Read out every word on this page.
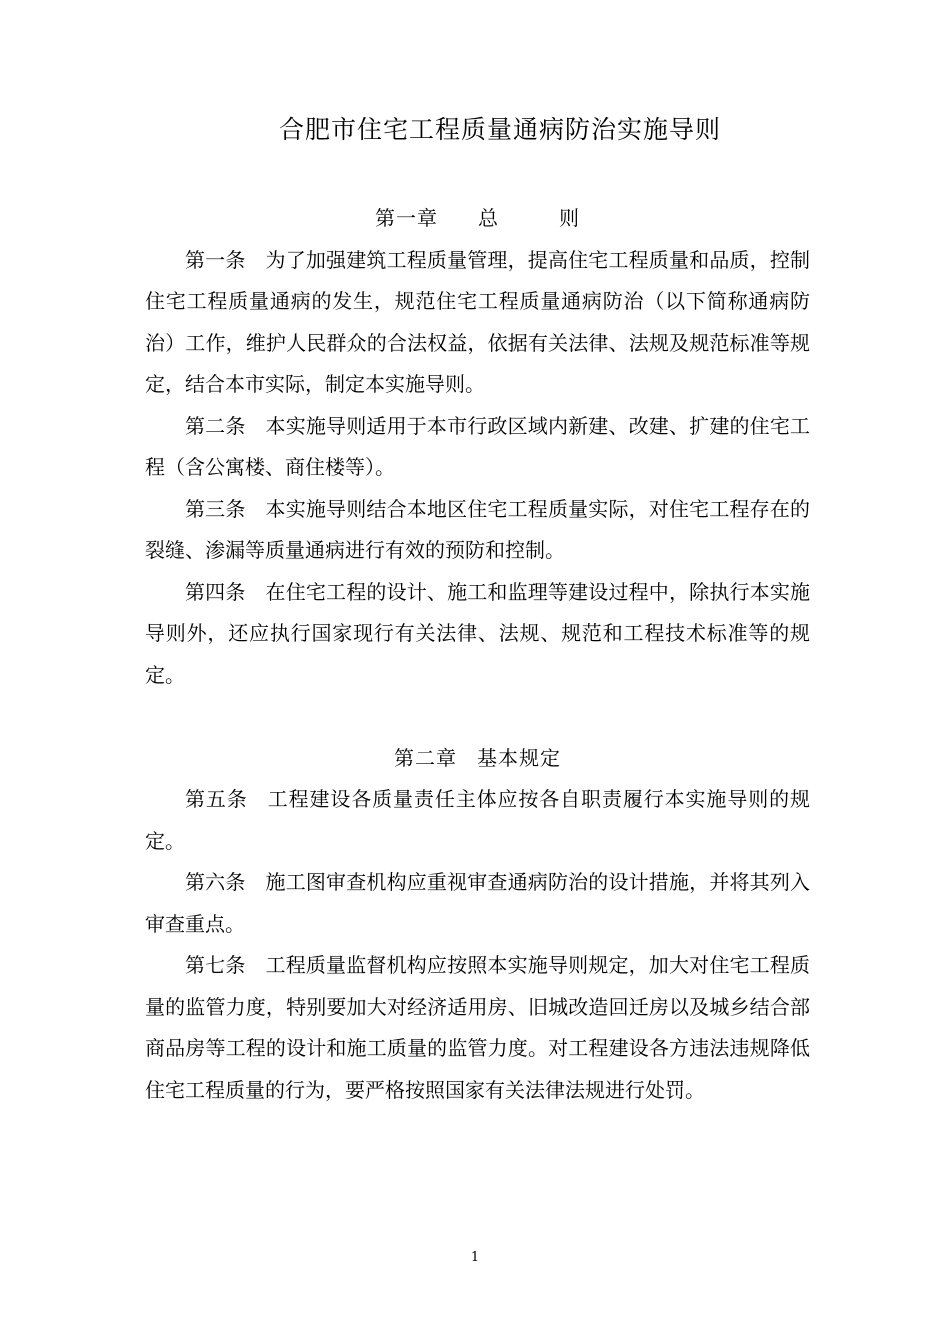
合肥市住宅工程质量通病防治实施导则
第一章 总	则

第一条 为了加强建筑工程质量管理，提高住宅工程质量和品质，控制住宅工程质量通病的发生，规范住宅工程质量通病防治（以下简称通病防治）工作，维护人民群众的合法权益，依据有关法律、法规及规范标准等规定，结合本市实际，制定本实施导则。

第二条 本实施导则适用于本市行政区域内新建、改建、扩建的住宅工程（含公寓楼、商住楼等）。

第三条 本实施导则结合本地区住宅工程质量实际，对住宅工程存在的裂缝、渗漏等质量通病进行有效的预防和控制。

第四条 在住宅工程的设计、施工和监理等建设过程中，除执行本实施导则外，还应执行国家现行有关法律、法规、规范和工程技术标准等的规定。

第二章 基本规定

第五条 工程建设各质量责任主体应按各自职责履行本实施导则的规定。

第六条 施工图审查机构应重视审查通病防治的设计措施，并将其列入审查重点。

第七条 工程质量监督机构应按照本实施导则规定，加大对住宅工程质量的监管力度，特别要加大对经济适用房、旧城改造回迁房以及城乡结合部商品房等工程的设计和施工质量的监管力度。对工程建设各方违法违规降低住宅工程质量的行为，要严格按照国家有关法律法规进行处罚。

1
